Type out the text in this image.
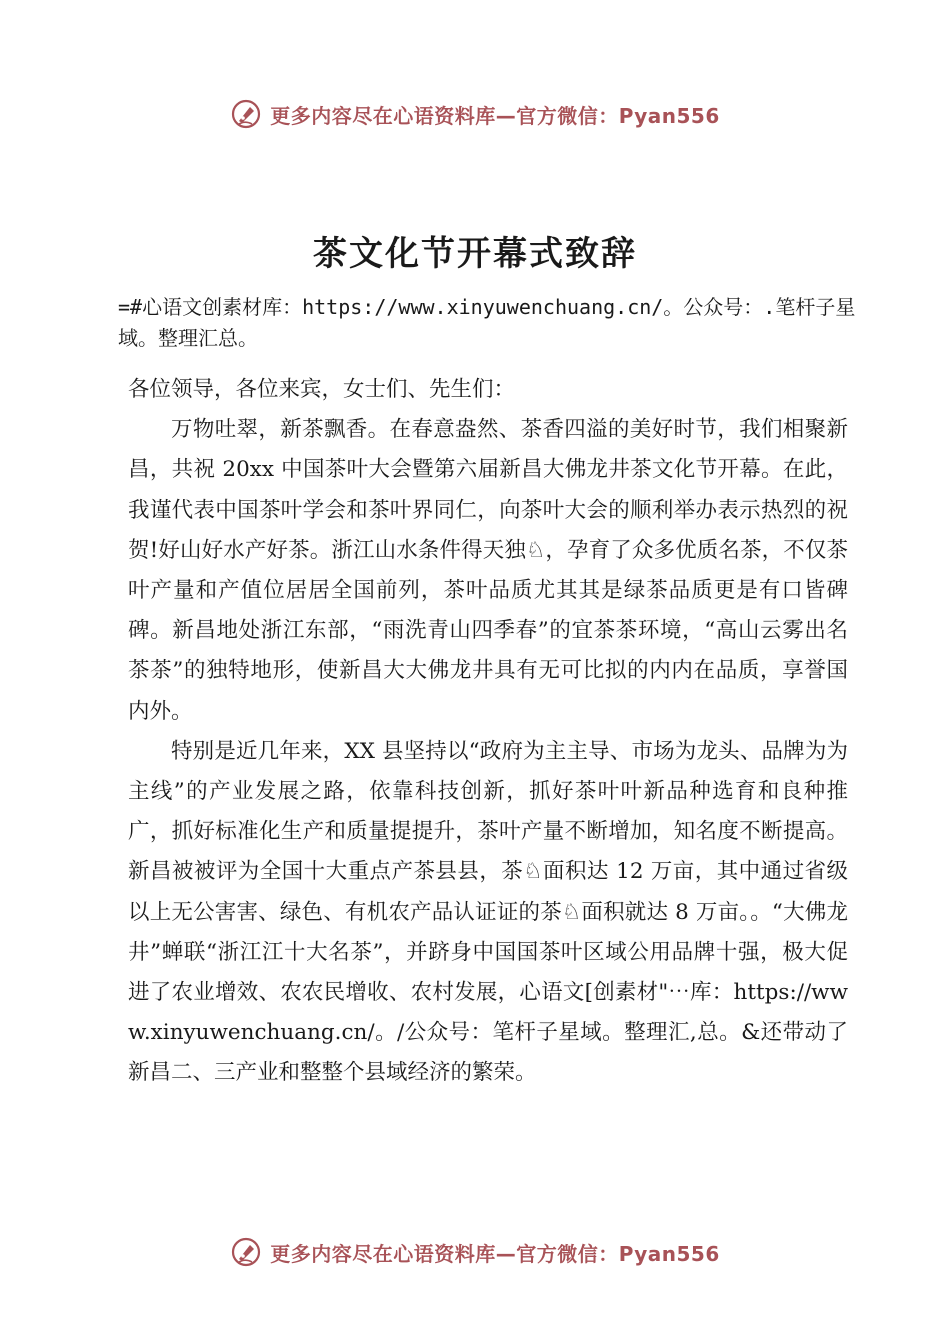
更多内容尽在心语资料库—官方微信：Pyan556
茶文化节开幕式致辞

=#心语文创素材库：https://www.xinyuwenchuang.cn/。公众号：.笔杆子星域。整理汇总。

各位领导，各位来宾，女士们、先生们：

万物吐翠，新茶飘香。在春意盎然、茶香四溢的美好时节，我们相聚新昌，共祝 20xx 中国茶叶大会暨第六届新昌大佛龙井茶文化节开幕。在此，我谨代表中国茶叶学会和茶叶界同仁，向茶叶大会的顺利举办表示热烈的祝贺!好山好水产好茶。浙江山水条件得天独♘，孕育了众多优质名茶，不仅茶叶产量和产值位居居全国前列，茶叶品质尤其其是绿茶品质更是有口皆碑碑。新昌地处浙江东部，“雨洗青山四季春”的宜茶茶环境，“高山云雾出名茶茶”的独特地形，使新昌大大佛龙井具有无可比拟的内内在品质，享誉国内外。

特别是近几年来，XX 县坚持以“政府为主主导、市场为龙头、品牌为为主线”的产业发展之路，依靠科技创新，抓好茶叶叶新品种选育和良种推广，抓好标准化生产和质量提提升，茶叶产量不断增加，知名度不断提高。新昌被被评为全国十大重点产茶县县，茶♘面积达 12 万亩，其中通过省级以上无公害害、绿色、有机农产品认证证的茶♘面积就达 8 万亩。。“大佛龙井”蝉联“浙江江十大名茶”，并跻身中国国茶叶区域公用品牌十强，极大促进了农业增效、农农民增收、农村发展，心语文[创素材"⋯库：https://www.xinyuwenchuang.cn/。/公众号：笔杆子星域。整理汇,总。&还带动了新昌二、三产业和整整个县域经济的繁荣。

更多内容尽在心语资料库—官方微信：Pyan556
